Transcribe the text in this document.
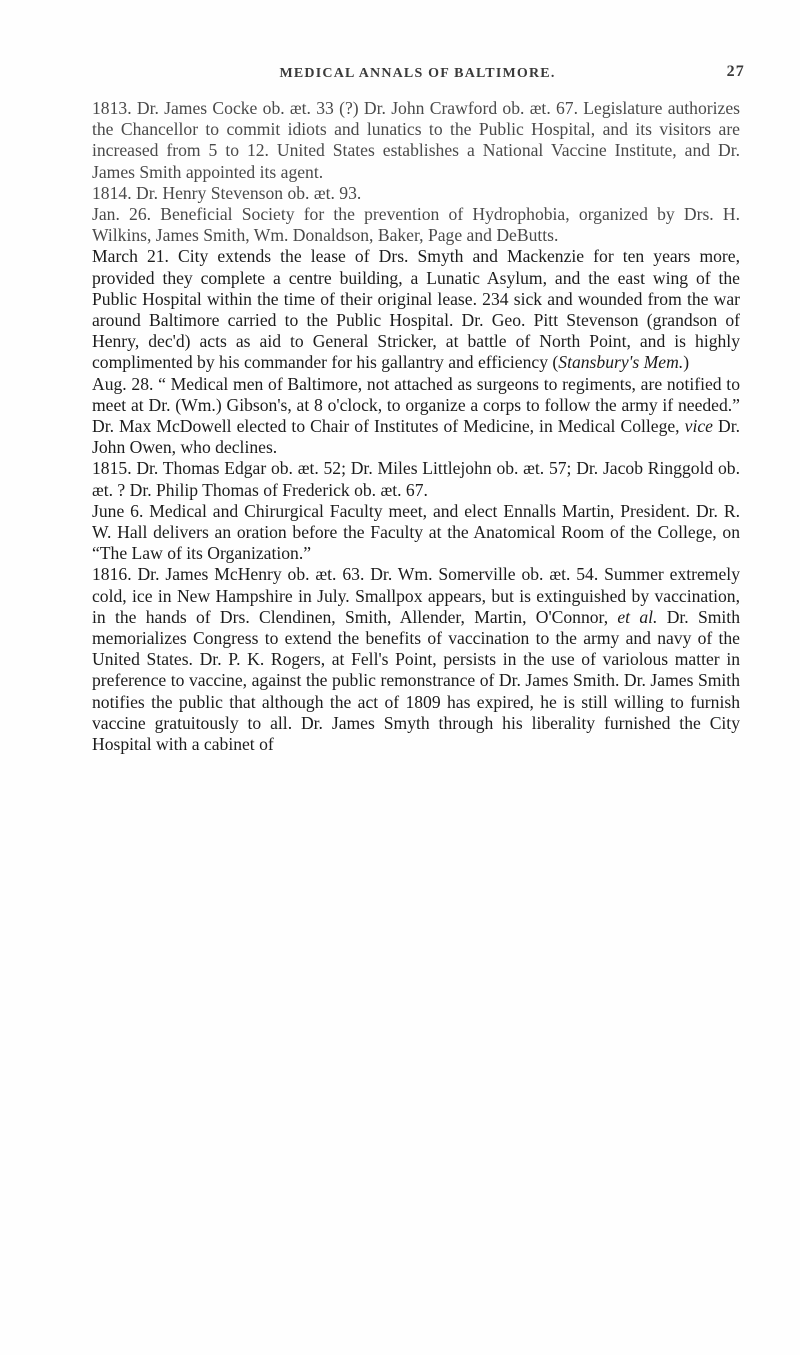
MEDICAL ANNALS OF BALTIMORE.	27

1813. Dr. James Cocke ob. æt. 33 (?) Dr. John Crawford ob. æt. 67. Legislature authorizes the Chancellor to commit idiots and lunatics to the Public Hospital, and its visitors are increased from 5 to 12. United States establishes a National Vaccine Institute, and Dr. James Smith appointed its agent.

1814. Dr. Henry Stevenson ob. æt. 93.

Jan. 26. Beneficial Society for the prevention of Hydrophobia, organized by Drs. H. Wilkins, James Smith, Wm. Donaldson, Baker, Page and DeButts.

March 21. City extends the lease of Drs. Smyth and Mackenzie for ten years more, provided they complete a centre building, a Lunatic Asylum, and the east wing of the Public Hospital within the time of their original lease. 234 sick and wounded from the war around Baltimore carried to the Public Hospital. Dr. Geo. Pitt Stevenson (grandson of Henry, dec'd) acts as aid to General Stricker, at battle of North Point, and is highly complimented by his commander for his gallantry and efficiency (Stansbury's Mem.)

Aug. 28. “ Medical men of Baltimore, not attached as surgeons to regiments, are notified to meet at Dr. (Wm.) Gibson's, at 8 o'clock, to organize a corps to follow the army if needed.” Dr. Max McDowell elected to Chair of Institutes of Medicine, in Medical College, vice Dr. John Owen, who declines.

1815. Dr. Thomas Edgar ob. æt. 52; Dr. Miles Littlejohn ob. æt. 57; Dr. Jacob Ringgold ob. æt. ? Dr. Philip Thomas of Frederick ob. æt. 67.

June 6. Medical and Chirurgical Faculty meet, and elect Ennalls Martin, President. Dr. R. W. Hall delivers an oration before the Faculty at the Anatomical Room of the College, on “The Law of its Organization.”

1816. Dr. James McHenry ob. æt. 63. Dr. Wm. Somerville ob. æt. 54. Summer extremely cold, ice in New Hampshire in July. Smallpox appears, but is extinguished by vaccination, in the hands of Drs. Clendinen, Smith, Allender, Martin, O'Connor, et al. Dr. Smith memorializes Congress to extend the benefits of vaccination to the army and navy of the United States. Dr. P. K. Rogers, at Fell's Point, persists in the use of variolous matter in preference to vaccine, against the public remonstrance of Dr. James Smith. Dr. James Smith notifies the public that although the act of 1809 has expired, he is still willing to furnish vaccine gratuitously to all. Dr. James Smyth through his liberality furnished the City Hospital with a cabinet of
